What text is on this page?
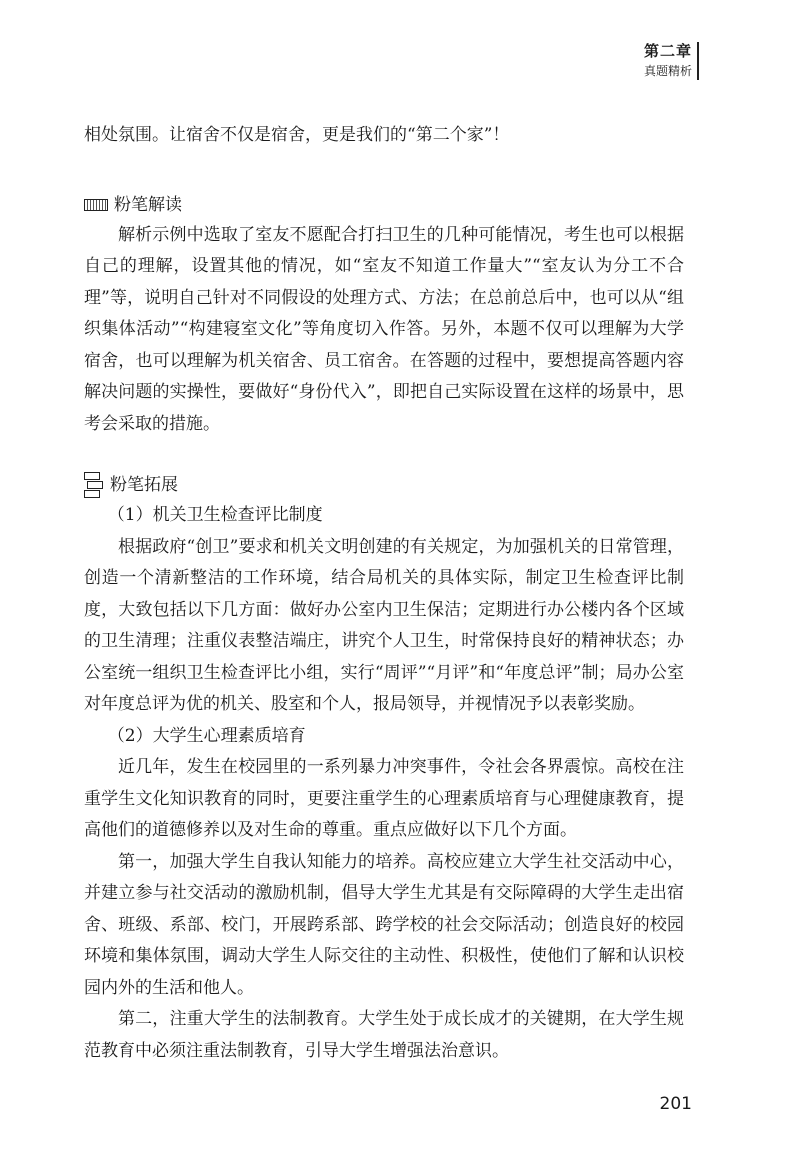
第二章
真题精析

相处氛围。让宿舍不仅是宿舍，更是我们的“第二个家”！

粉笔解读

解析示例中选取了室友不愿配合打扫卫生的几种可能情况，考生也可以根据自己的理解，设置其他的情况，如“室友不知道工作量大”“室友认为分工不合理”等，说明自己针对不同假设的处理方式、方法；在总前总后中，也可以从“组织集体活动”“构建寝室文化”等角度切入作答。另外，本题不仅可以理解为大学宿舍，也可以理解为机关宿舍、员工宿舍。在答题的过程中，要想提高答题内容解决问题的实操性，要做好“身份代入”，即把自己实际设置在这样的场景中，思考会采取的措施。

粉笔拓展

（1）机关卫生检查评比制度

根据政府“创卫”要求和机关文明创建的有关规定，为加强机关的日常管理，创造一个清新整洁的工作环境，结合局机关的具体实际，制定卫生检查评比制度，大致包括以下几方面：做好办公室内卫生保洁；定期进行办公楼内各个区域的卫生清理；注重仪表整洁端庄，讲究个人卫生，时常保持良好的精神状态；办公室统一组织卫生检查评比小组，实行“周评”“月评”和“年度总评”制；局办公室对年度总评为优的机关、股室和个人，报局领导，并视情况予以表彰奖励。

（2）大学生心理素质培育

近几年，发生在校园里的一系列暴力冲突事件，令社会各界震惊。高校在注重学生文化知识教育的同时，更要注重学生的心理素质培育与心理健康教育，提高他们的道德修养以及对生命的尊重。重点应做好以下几个方面。

第一，加强大学生自我认知能力的培养。高校应建立大学生社交活动中心，并建立参与社交活动的激励机制，倡导大学生尤其是有交际障碍的大学生走出宿舍、班级、系部、校门，开展跨系部、跨学校的社会交际活动；创造良好的校园环境和集体氛围，调动大学生人际交往的主动性、积极性，使他们了解和认识校园内外的生活和他人。

第二，注重大学生的法制教育。大学生处于成长成才的关键期，在大学生规范教育中必须注重法制教育，引导大学生增强法治意识。

201
